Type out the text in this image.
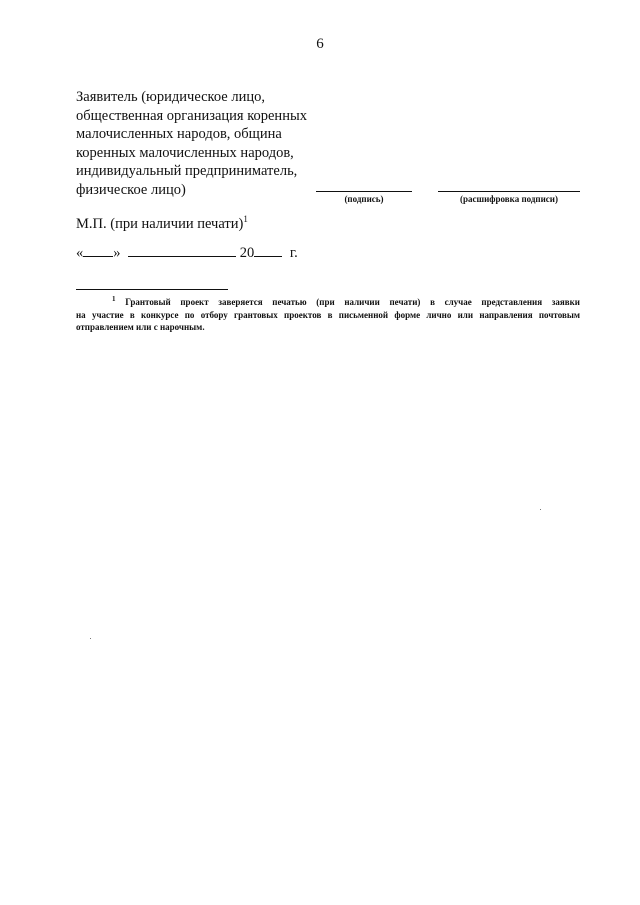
6
Заявитель (юридическое лицо,
общественная организация коренных
малочисленных народов, община
коренных малочисленных народов,
индивидуальный предприниматель,
физическое лицо)
(подпись)	(расшифровка подписи)
М.П. (при наличии печати)$^1$
« »	20 г.
$^1$ Грантовый проект заверяется печатью (при наличии печати) в случае представления заявки
на участие в конкурсе по отбору грантовых проектов в письменной форме лично или направления почтовым
отправлением или с нарочным.
